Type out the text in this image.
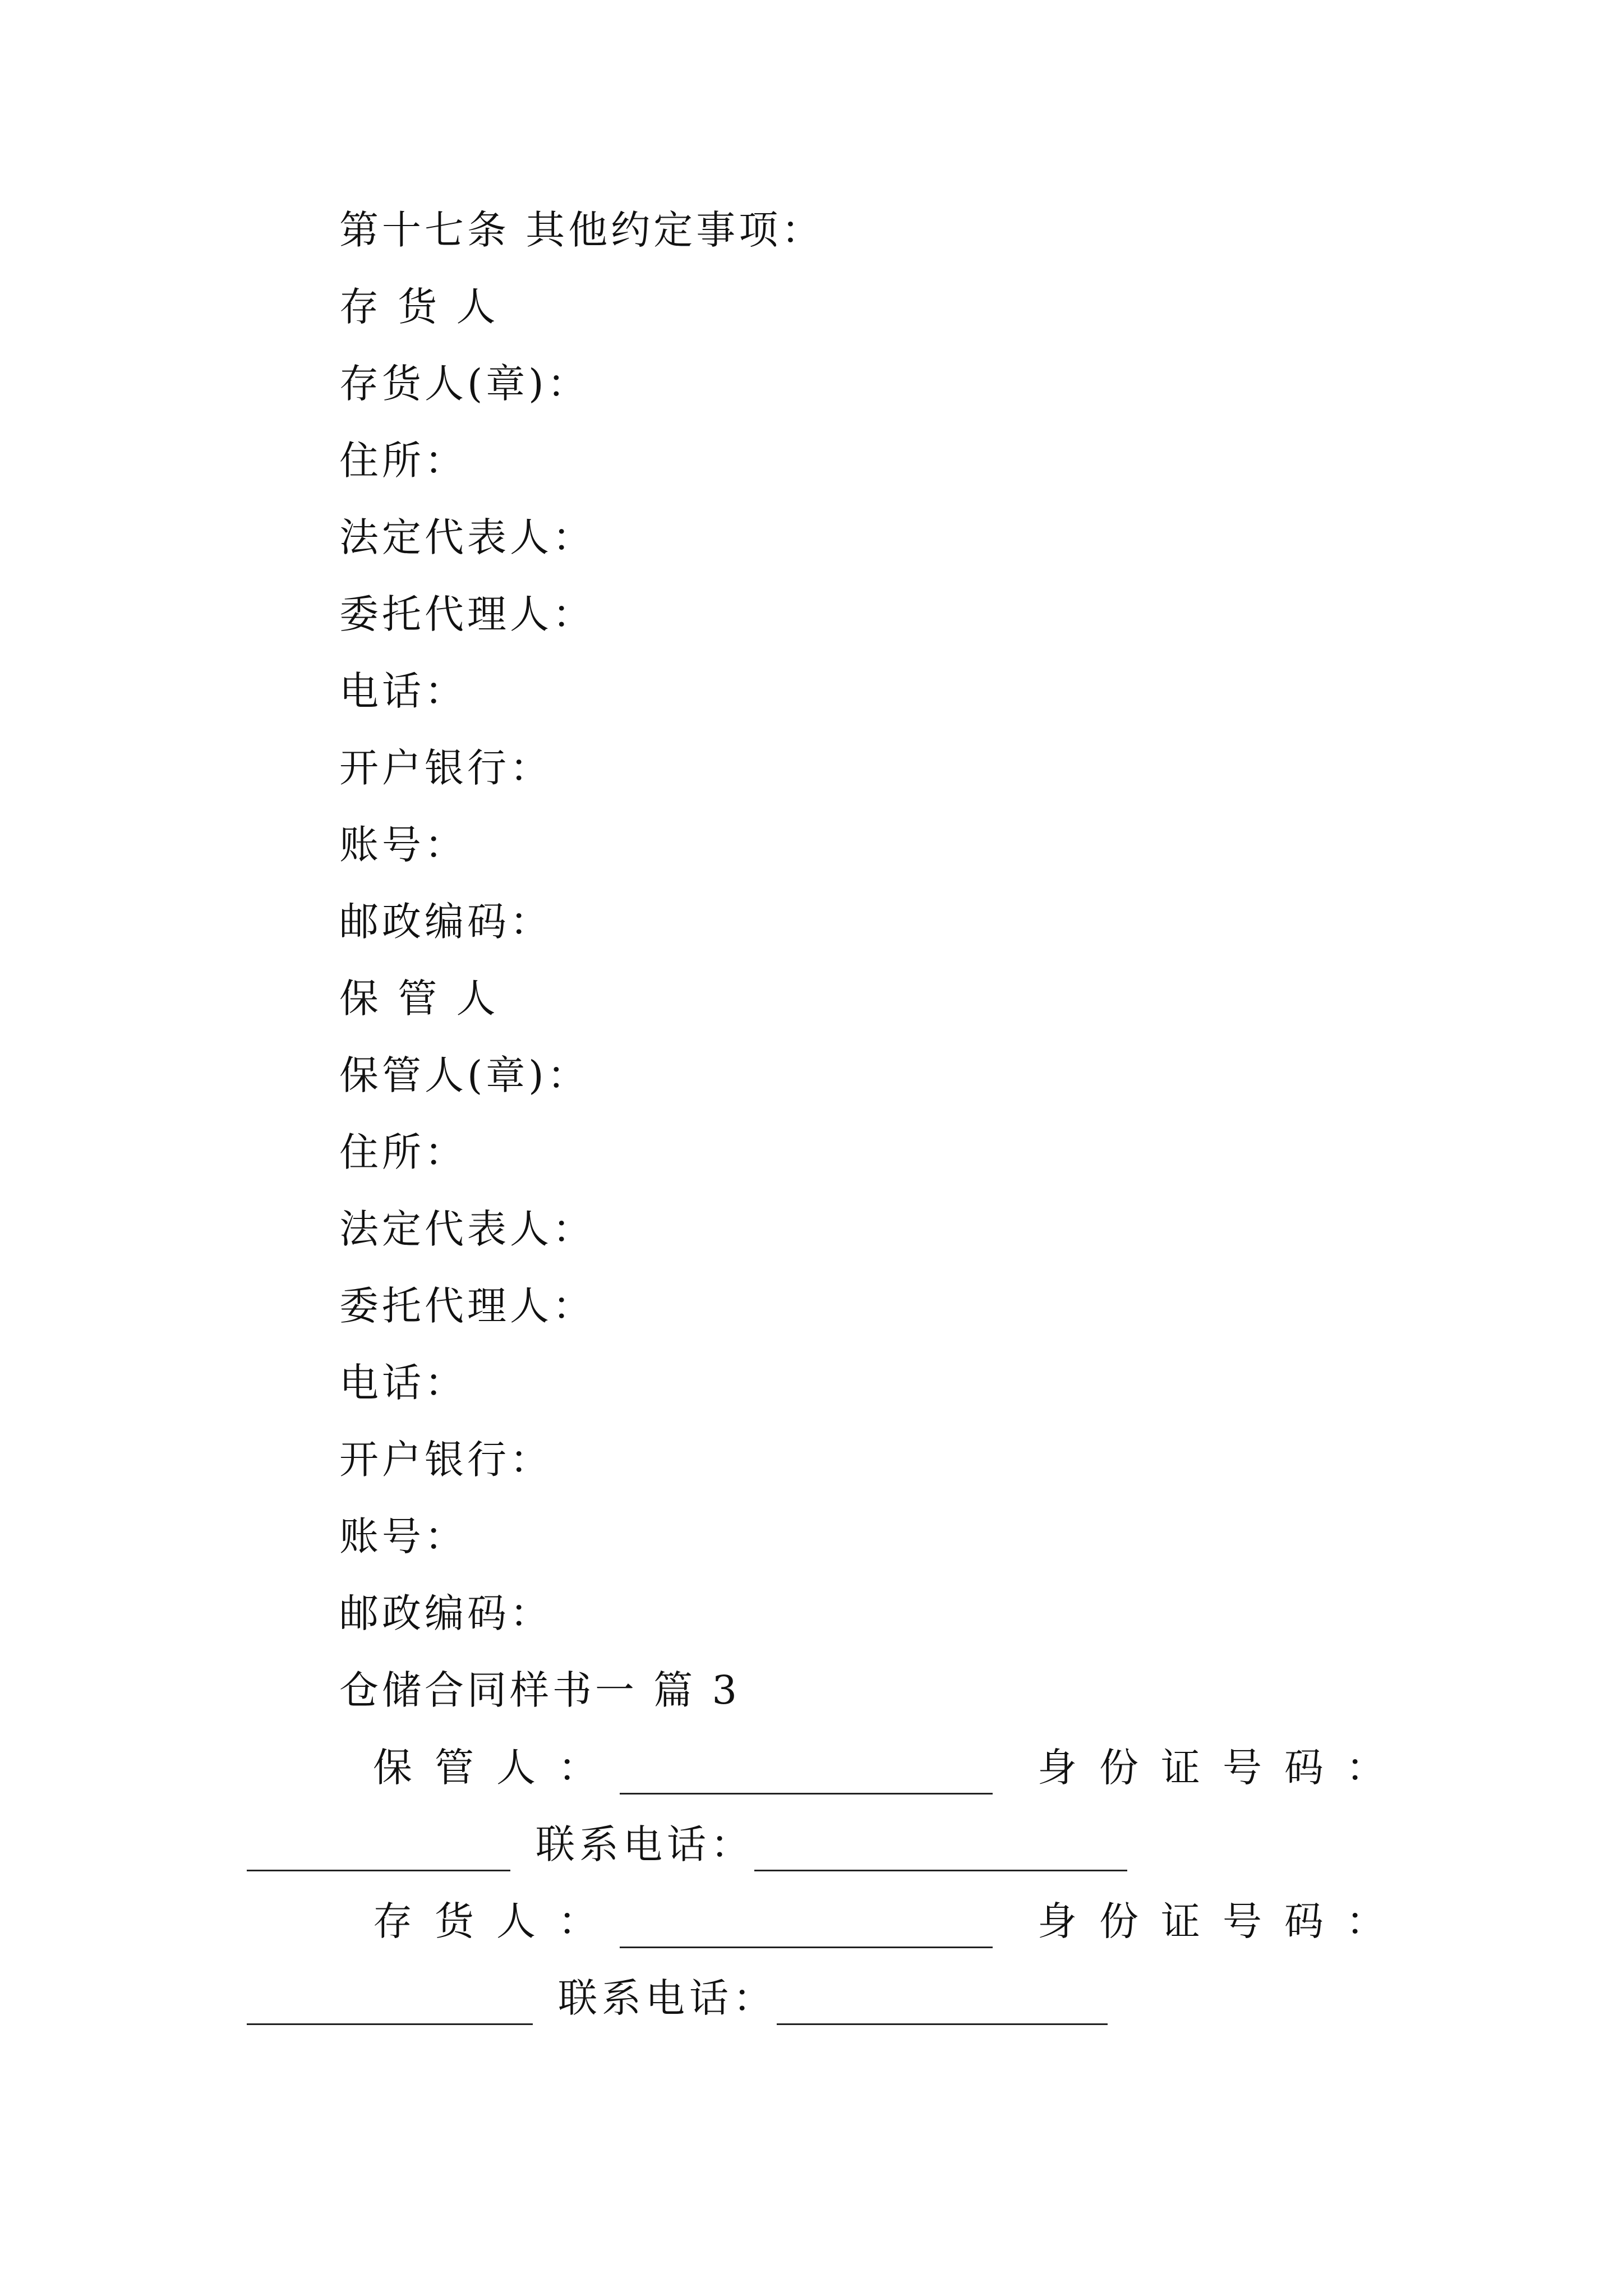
第十七条 其他约定事项：
存 货 人
存货人(章)：
住所：
法定代表人：
委托代理人：
电话：
开户银行：
账号：
邮政编码：
保 管 人
保管人(章)：
住所：
法定代表人：
委托代理人：
电话：
开户银行：
账号：
邮政编码：
仓储合同样书一 篇 3
保管人：	身份证号码：
联系电话：
存货人：	身份证号码：
联系电话：
